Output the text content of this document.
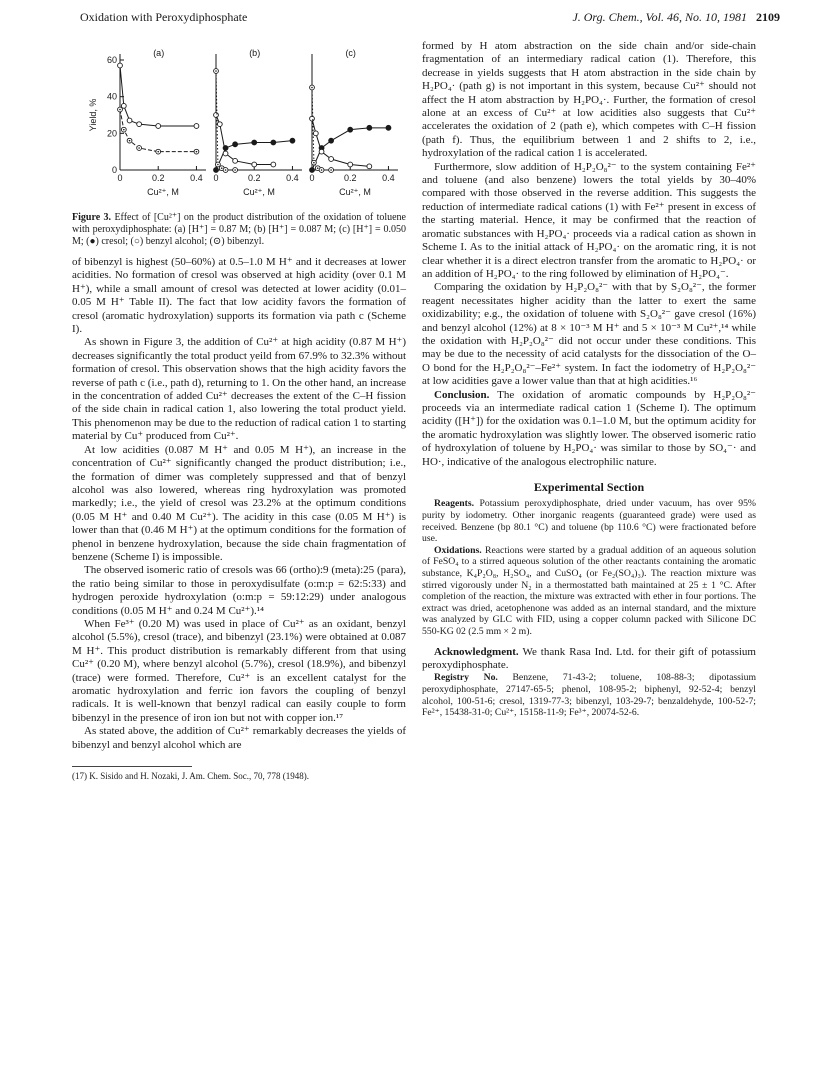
Oxidation with Peroxydiphosphate	J. Org. Chem., Vol. 46, No. 10, 1981 2109
(a)
0	0.2	0.4
0
20
40
60
Yield, %
Cu²⁺, M
(b)
0	0.2	0.4
Cu²⁺, M
(c)
0	0.2	0.4
Cu²⁺, M
Figure 3. Effect of [Cu²⁺] on the product distribution of the oxidation of toluene with peroxydiphosphate: (a) [H⁺] = 0.87 M; (b) [H⁺] = 0.087 M; (c) [H⁺] = 0.050 M; (●) cresol; (○) benzyl alcohol; (⊙) bibenzyl.

of bibenzyl is highest (50–60%) at 0.5–1.0 M H⁺ and it decreases at lower acidities. No formation of cresol was observed at high acidity (over 0.1 M H⁺), while a small amount of cresol was detected at lower acidity (0.01–0.05 M H⁺ Table II). The fact that low acidity favors the formation of cresol (aromatic hydroxylation) supports its formation via path c (Scheme I).

As shown in Figure 3, the addition of Cu²⁺ at high acidity (0.87 M H⁺) decreases significantly the total product yeild from 67.9% to 32.3% without formation of cresol. This observation shows that the high acidity favors the reverse of path c (i.e., path d), returning to 1. On the other hand, an increase in the concentration of added Cu²⁺ decreases the extent of the C–H fission of the side chain in radical cation 1, also lowering the total product yield. This phenomenon may be due to the reduction of radical cation 1 to starting material by Cu⁺ produced from Cu²⁺.

At low acidities (0.087 M H⁺ and 0.05 M H⁺), an increase in the concentration of Cu²⁺ significantly changed the product distribution; i.e., the formation of dimer was completely suppressed and that of benzyl alcohol was also lowered, whereas ring hydroxylation was promoted markedly; i.e., the yield of cresol was 23.2% at the optimum conditions (0.05 M H⁺ and 0.40 M Cu²⁺). The acidity in this case (0.05 M H⁺) is lower than that (0.46 M H⁺) at the optimum conditions for the formation of phenol in benzene hydroxylation, because the side chain fragmentation of benzene (Scheme I) is impossible.

The observed isomeric ratio of cresols was 66 (ortho):9 (meta):25 (para), the ratio being similar to those in peroxydisulfate (o:m:p = 62:5:33) and hydrogen peroxide hydroxylation (o:m:p = 59:12:29) under analogous conditions (0.05 M H⁺ and 0.24 M Cu²⁺).¹⁴

When Fe³⁺ (0.20 M) was used in place of Cu²⁺ as an oxidant, benzyl alcohol (5.5%), cresol (trace), and bibenzyl (23.1%) were obtained at 0.087 M H⁺. This product distribution is remarkably different from that using Cu²⁺ (0.20 M), where benzyl alcohol (5.7%), cresol (18.9%), and bibenzyl (trace) were formed. Therefore, Cu²⁺ is an excellent catalyst for the aromatic hydroxylation and ferric ion favors the coupling of benzyl radicals. It is well-known that benzyl radical can easily couple to form bibenzyl in the presence of iron ion but not with copper ion.¹⁷

As stated above, the addition of Cu²⁺ remarkably decreases the yields of bibenzyl and benzyl alcohol which are

(17) K. Sisido and H. Nozaki, J. Am. Chem. Soc., 70, 778 (1948).

formed by H atom abstraction on the side chain and/or side-chain fragmentation of an intermediary radical cation (1). Therefore, this decrease in yields suggests that H atom abstraction in the side chain by H₂PO₄· (path g) is not important in this system, because Cu²⁺ should not affect the H atom abstraction by H₂PO₄·. Further, the formation of cresol alone at an excess of Cu²⁺ at low acidities also suggests that Cu²⁺ accelerates the oxidation of 2 (path e), which competes with C–H fission (path f). Thus, the equilibrium between 1 and 2 shifts to 2, i.e., hydroxylation of the radical cation 1 is accelerated.

Furthermore, slow addition of H₂P₂O₈²⁻ to the system containing Fe²⁺ and toluene (and also benzene) lowers the total yields by 30–40% compared with those observed in the reverse addition. This suggests the reduction of intermediate radical cations (1) with Fe²⁺ present in excess of the starting material. Hence, it may be confirmed that the reaction of aromatic substances with H₂PO₄· proceeds via a radical cation as shown in Scheme I. As to the initial attack of H₂PO₄· on the aromatic ring, it is not clear whether it is a direct electron transfer from the aromatic to H₂PO₄· or an addition of H₂PO₄· to the ring followed by elimination of H₂PO₄⁻.

Comparing the oxidation by H₂P₂O₈²⁻ with that by S₂O₈²⁻, the former reagent necessitates higher acidity than the latter to exert the same oxidizability; e.g., the oxidation of toluene with S₂O₈²⁻ gave cresol (16%) and benzyl alcohol (12%) at 8 × 10⁻³ M H⁺ and 5 × 10⁻³ M Cu²⁺,¹⁴ while the oxidation with H₂P₂O₈²⁻ did not occur under these conditions. This may be due to the necessity of acid catalysts for the dissociation of the O–O bond for the H₂P₂O₈²⁻–Fe²⁺ system. In fact the iodometry of H₂P₂O₈²⁻ at low acidities gave a lower value than that at high acidities.¹⁶

Conclusion. The oxidation of aromatic compounds by H₂P₂O₈²⁻ proceeds via an intermediate radical cation 1 (Scheme I). The optimum acidity ([H⁺]) for the oxidation was 0.1–1.0 M, but the optimum acidity for the aromatic hydroxylation was slightly lower. The observed isomeric ratio of hydroxylation of toluene by H₂PO₄· was similar to those by SO₄⁻· and HO·, indicative of the analogous electrophilic nature.

Experimental Section

Reagents. Potassium peroxydiphosphate, dried under vacuum, has over 95% purity by iodometry. Other inorganic reagents (guaranteed grade) were used as received. Benzene (bp 80.1 °C) and toluene (bp 110.6 °C) were fractionated before use.

Oxidations. Reactions were started by a gradual addition of an aqueous solution of FeSO₄ to a stirred aqueous solution of the other reactants containing the aromatic substance, K₄P₂O₈, H₂SO₄, and CuSO₄ (or Fe₂(SO₄)₃). The reaction mixture was stirred vigorously under N₂ in a thermostatted bath maintained at 25 ± 1 °C. After completion of the reaction, the mixture was extracted with ether in four portions. The extract was dried, acetophenone was added as an internal standard, and the mixture was analyzed by GLC with FID, using a copper column packed with Silicone DC 550-KG 02 (2.5 mm × 2 m).

Acknowledgment. We thank Rasa Ind. Ltd. for their gift of potassium peroxydiphosphate.

Registry No. Benzene, 71-43-2; toluene, 108-88-3; dipotassium peroxydiphosphate, 27147-65-5; phenol, 108-95-2; biphenyl, 92-52-4; benzyl alcohol, 100-51-6; cresol, 1319-77-3; bibenzyl, 103-29-7; benzaldehyde, 100-52-7; Fe²⁺, 15438-31-0; Cu²⁺, 15158-11-9; Fe³⁺, 20074-52-6.
